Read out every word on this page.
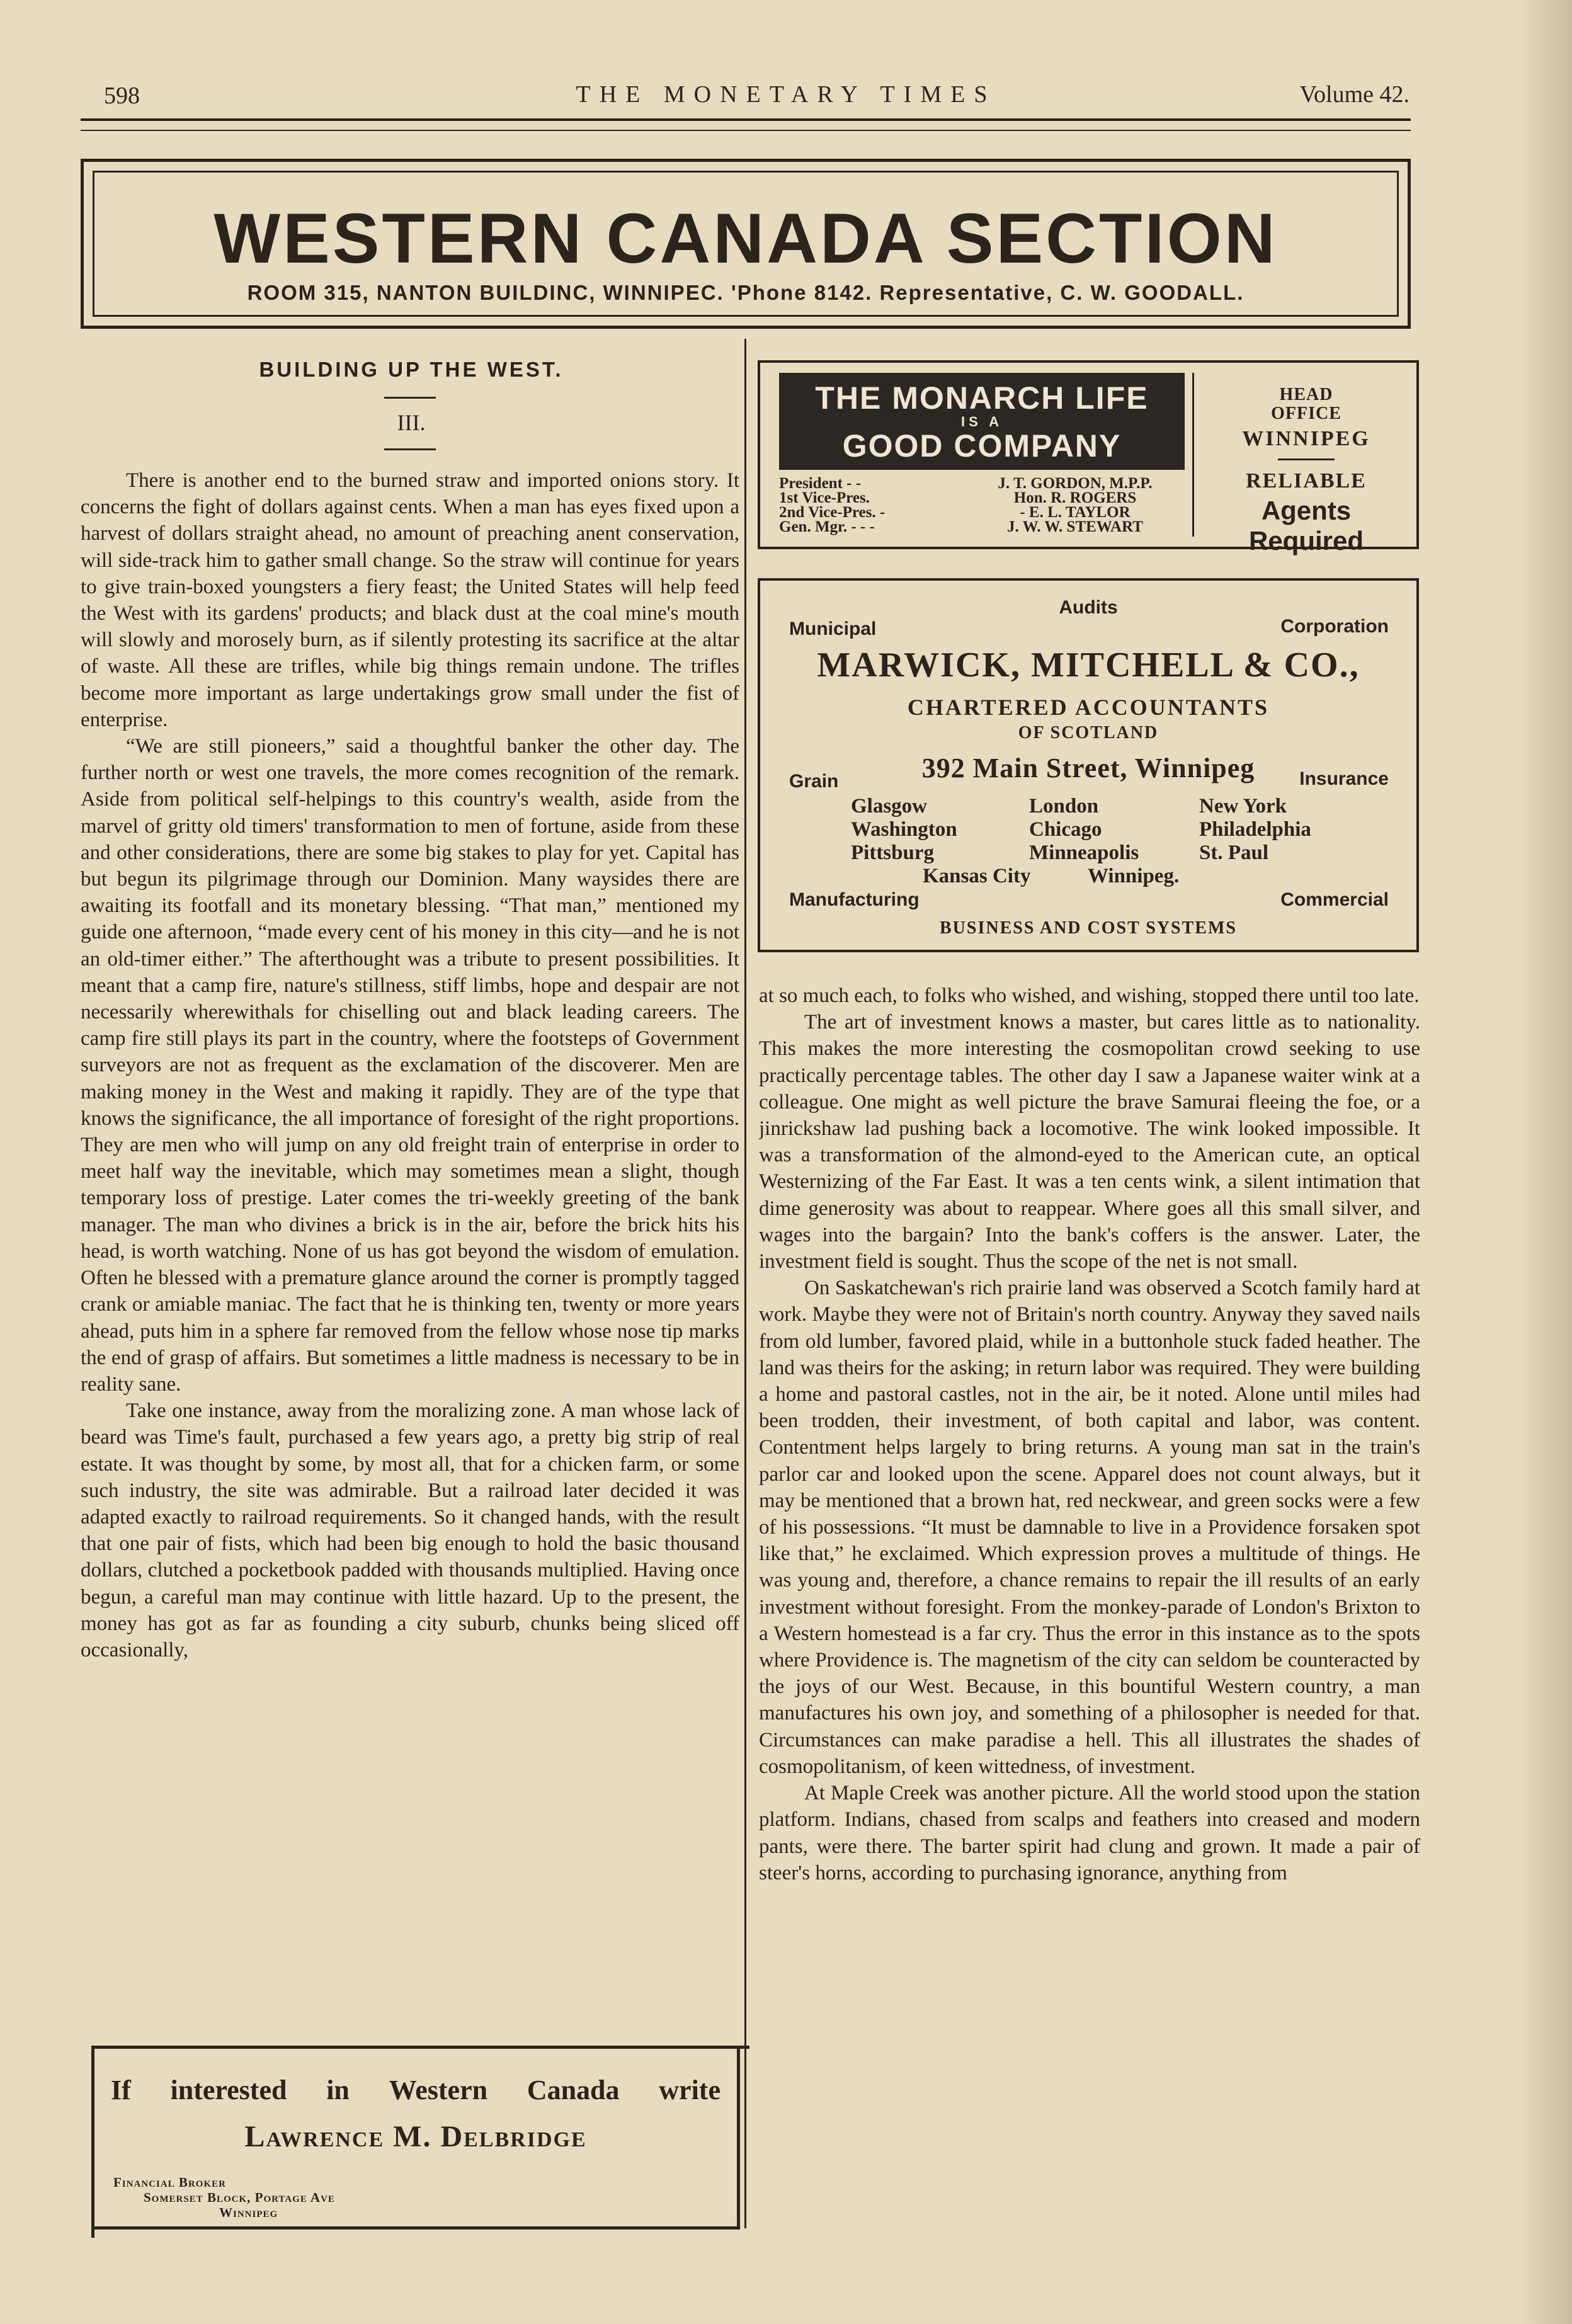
598	THE MONETARY TIMES	Volume 42.
WESTERN CANADA SECTION
ROOM 315, NANTON BUILDINC, WINNIPEC. 'Phone 8142. Representative, C. W. GOODALL.
BUILDING UP THE WEST.
III.

There is another end to the burned straw and imported onions story. It concerns the fight of dollars against cents. When a man has eyes fixed upon a harvest of dollars straight ahead, no amount of preaching anent conservation, will side-track him to gather small change. So the straw will continue for years to give train-boxed youngsters a fiery feast; the United States will help feed the West with its gardens' products; and black dust at the coal mine's mouth will slowly and morosely burn, as if silently protesting its sacrifice at the altar of waste. All these are trifles, while big things remain undone. The trifles become more important as large undertakings grow small under the fist of enterprise.

“We are still pioneers,” said a thoughtful banker the other day. The further north or west one travels, the more comes recognition of the remark. Aside from political self-helpings to this country's wealth, aside from the marvel of gritty old timers' transformation to men of fortune, aside from these and other considerations, there are some big stakes to play for yet. Capital has but begun its pilgrimage through our Dominion. Many waysides there are awaiting its footfall and its monetary blessing. “That man,” mentioned my guide one afternoon, “made every cent of his money in this city—and he is not an old-timer either.” The afterthought was a tribute to present possibilities. It meant that a camp fire, nature's stillness, stiff limbs, hope and despair are not necessarily wherewithals for chiselling out and black leading careers. The camp fire still plays its part in the country, where the footsteps of Government surveyors are not as frequent as the exclamation of the discoverer. Men are making money in the West and making it rapidly. They are of the type that knows the significance, the all importance of foresight of the right proportions. They are men who will jump on any old freight train of enterprise in order to meet half way the inevitable, which may sometimes mean a slight, though temporary loss of prestige. Later comes the tri-weekly greeting of the bank manager. The man who divines a brick is in the air, before the brick hits his head, is worth watching. None of us has got beyond the wisdom of emulation. Often he blessed with a premature glance around the corner is promptly tagged crank or amiable maniac. The fact that he is thinking ten, twenty or more years ahead, puts him in a sphere far removed from the fellow whose nose tip marks the end of grasp of affairs. But sometimes a little madness is necessary to be in reality sane.

Take one instance, away from the moralizing zone. A man whose lack of beard was Time's fault, purchased a few years ago, a pretty big strip of real estate. It was thought by some, by most all, that for a chicken farm, or some such industry, the site was admirable. But a railroad later decided it was adapted exactly to railroad requirements. So it changed hands, with the result that one pair of fists, which had been big enough to hold the basic thousand dollars, clutched a pocketbook padded with thousands multiplied. Having once begun, a careful man may continue with little hazard. Up to the present, the money has got as far as founding a city suburb, chunks being sliced off occasionally,

at so much each, to folks who wished, and wishing, stopped there until too late.

The art of investment knows a master, but cares little as to nationality. This makes the more interesting the cosmopolitan crowd seeking to use practically percentage tables. The other day I saw a Japanese waiter wink at a colleague. One might as well picture the brave Samurai fleeing the foe, or a jinrickshaw lad pushing back a locomotive. The wink looked impossible. It was a transformation of the almond-eyed to the American cute, an optical Westernizing of the Far East. It was a ten cents wink, a silent intimation that dime generosity was about to reappear. Where goes all this small silver, and wages into the bargain? Into the bank's coffers is the answer. Later, the investment field is sought. Thus the scope of the net is not small.

On Saskatchewan's rich prairie land was observed a Scotch family hard at work. Maybe they were not of Britain's north country. Anyway they saved nails from old lumber, favored plaid, while in a buttonhole stuck faded heather. The land was theirs for the asking; in return labor was required. They were building a home and pastoral castles, not in the air, be it noted. Alone until miles had been trodden, their investment, of both capital and labor, was content. Contentment helps largely to bring returns. A young man sat in the train's parlor car and looked upon the scene. Apparel does not count always, but it may be mentioned that a brown hat, red neckwear, and green socks were a few of his possessions. “It must be damnable to live in a Providence forsaken spot like that,” he exclaimed. Which expression proves a multitude of things. He was young and, therefore, a chance remains to repair the ill results of an early investment without foresight. From the monkey-parade of London's Brixton to a Western homestead is a far cry. Thus the error in this instance as to the spots where Providence is. The magnetism of the city can seldom be counteracted by the joys of our West. Because, in this bountiful Western country, a man manufactures his own joy, and something of a philosopher is needed for that. Circumstances can make paradise a hell. This all illustrates the shades of cosmopolitanism, of keen wittedness, of investment.

At Maple Creek was another picture. All the world stood upon the station platform. Indians, chased from scalps and feathers into creased and modern pants, were there. The barter spirit had clung and grown. It made a pair of steer's horns, according to purchasing ignorance, anything from

THE MONARCH LIFE
IS A
GOOD COMPANY
President - -	J. T. GORDON, M.P.P.
1st Vice-Pres.	Hon. R. ROGERS
2nd Vice-Pres. -	- E. L. TAYLOR
Gen. Mgr. - - -	J. W. W. STEWART
HEAD
OFFICE
WINNIPEG
RELIABLE
Agents Required
Audits
Municipal	Corporation
MARWICK, MITCHELL & CO.,
CHARTERED ACCOUNTANTS
OF SCOTLAND
392 Main Street, Winnipeg
Grain	Insurance
Glasgow	London	New York
Washington	Chicago	Philadelphia
Pittsburg	Minneapolis	St. Paul
Kansas City	Winnipeg.
Manufacturing	Commercial
BUSINESS AND COST SYSTEMS
If interested in Western Canada write
Lawrence M. Delbridge
Financial Broker
Somerset Block, Portage Ave
Winnipeg
